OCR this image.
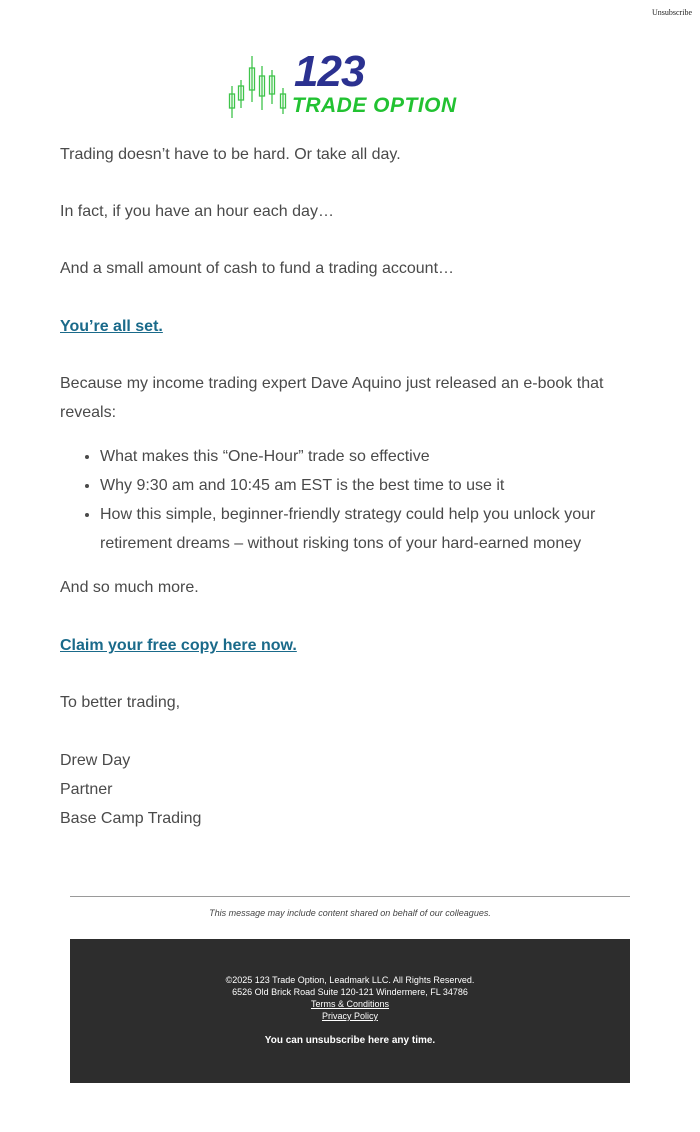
Unsubscribe
123
TRADE OPTION

Trading doesn’t have to be hard. Or take all day.

In fact, if you have an hour each day…

And a small amount of cash to fund a trading account…

You’re all set.

Because my income trading expert Dave Aquino just released an e-book that reveals:

• What makes this “One-Hour” trade so effective
• Why 9:30 am and 10:45 am EST is the best time to use it
• How this simple, beginner-friendly strategy could help you unlock your retirement dreams – without risking tons of your hard-earned money

And so much more.

Claim your free copy here now.

To better trading,

Drew Day
Partner
Base Camp Trading
This message may include content shared on behalf of our colleagues.
©2025 123 Trade Option, Leadmark LLC. All Rights Reserved.
6526 Old Brick Road Suite 120-121 Windermere, FL 34786
Terms & Conditions
Privacy Policy
You can unsubscribe here any time.
